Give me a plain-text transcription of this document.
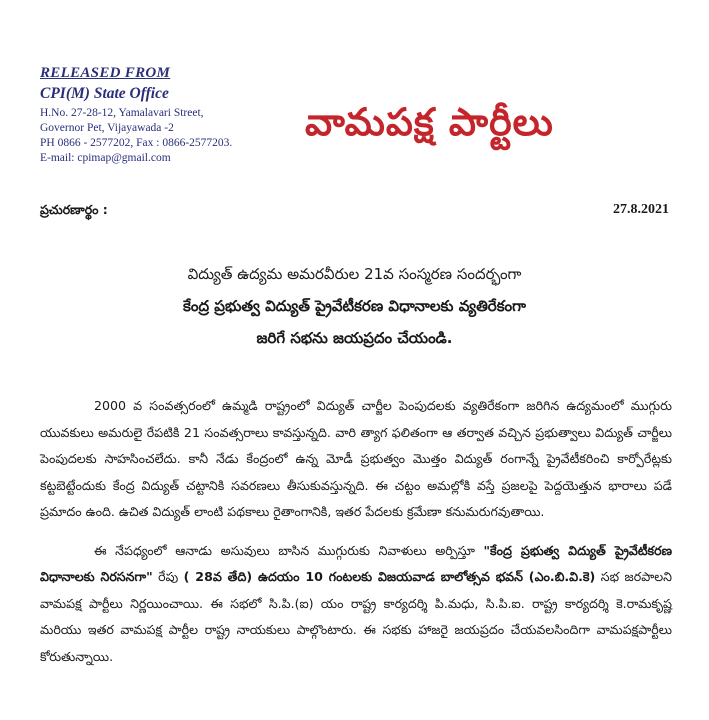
RELEASED FROM
CPI(M) State Office
H.No. 27-28-12, Yamalavari Street,
Governor Pet, Vijayawada -2
PH 0866 - 2577202, Fax : 0866-2577203.
E-mail: cpimap@gmail.com
వామపక్ష పార్టీలు
ప్రచురణార్థం :	27.8.2021
విద్యుత్ ఉద్యమ అమరవీరుల 21వ సంస్మరణ సందర్భంగా
కేంద్ర ప్రభుత్వ విద్యుత్ ప్రైవేటీకరణ విధానాలకు వ్యతిరేకంగా
జరిగే సభను జయప్రదం చేయండి.

2000 వ సంవత్సరంలో ఉమ్మడి రాష్ట్రంలో విద్యుత్ చార్జీల పెంపుదలకు వ్యతిరేకంగా జరిగిన ఉద్యమంలో ముగ్గురు యువకులు అమరులై రేపటికి 21 సంవత్సరాలు కావస్తున్నది. వారి త్యాగ ఫలితంగా ఆ తర్వాత వచ్చిన ప్రభుత్వాలు విద్యుత్ చార్జీలు పెంపుదలకు సాహసించలేదు. కానీ నేడు కేంద్రంలో ఉన్న మోడీ ప్రభుత్వం మొత్తం విద్యుత్ రంగాన్నే ప్రైవేటీకరించి కార్పోరేట్లకు కట్టబెట్టేందుకు కేంద్ర విద్యుత్ చట్టానికి సవరణలు తీసుకువస్తున్నది. ఈ చట్టం అమల్లోకి వస్తే ప్రజలపై పెద్దయెత్తున భారాలు పడే ప్రమాదం ఉంది. ఉచిత విద్యుత్ లాంటి పథకాలు రైతాంగానికి, ఇతర పేదలకు క్రమేణా కనుమరుగవుతాయి.

ఈ నేపధ్యంలో ఆనాడు అసువులు బాసిన ముగ్గురుకు నివాళులు అర్పిస్తూ "కేంద్ర ప్రభుత్వ విద్యుత్ ప్రైవేటీకరణ విధానాలకు నిరసనగా" రేపు ( 28వ తేది) ఉదయం 10 గంటలకు విజయవాడ బాలోత్సవ భవన్ (ఎం.బి.వి.కె) సభ జరపాలని వామపక్ష పార్టీలు నిర్ణయించాయి. ఈ సభలో సి.పి.(ఐ) యం రాష్ట్ర కార్యదర్శి పి.మధు, సి.పి.ఐ. రాష్ట్ర కార్యదర్శి కె.రామకృష్ణ మరియు ఇతర వామపక్ష పార్టీల రాష్ట్ర నాయకులు పాల్గొంటారు. ఈ సభకు హాజరై జయప్రదం చేయవలసిందిగా వామపక్షపార్టీలు కోరుతున్నాయి.
